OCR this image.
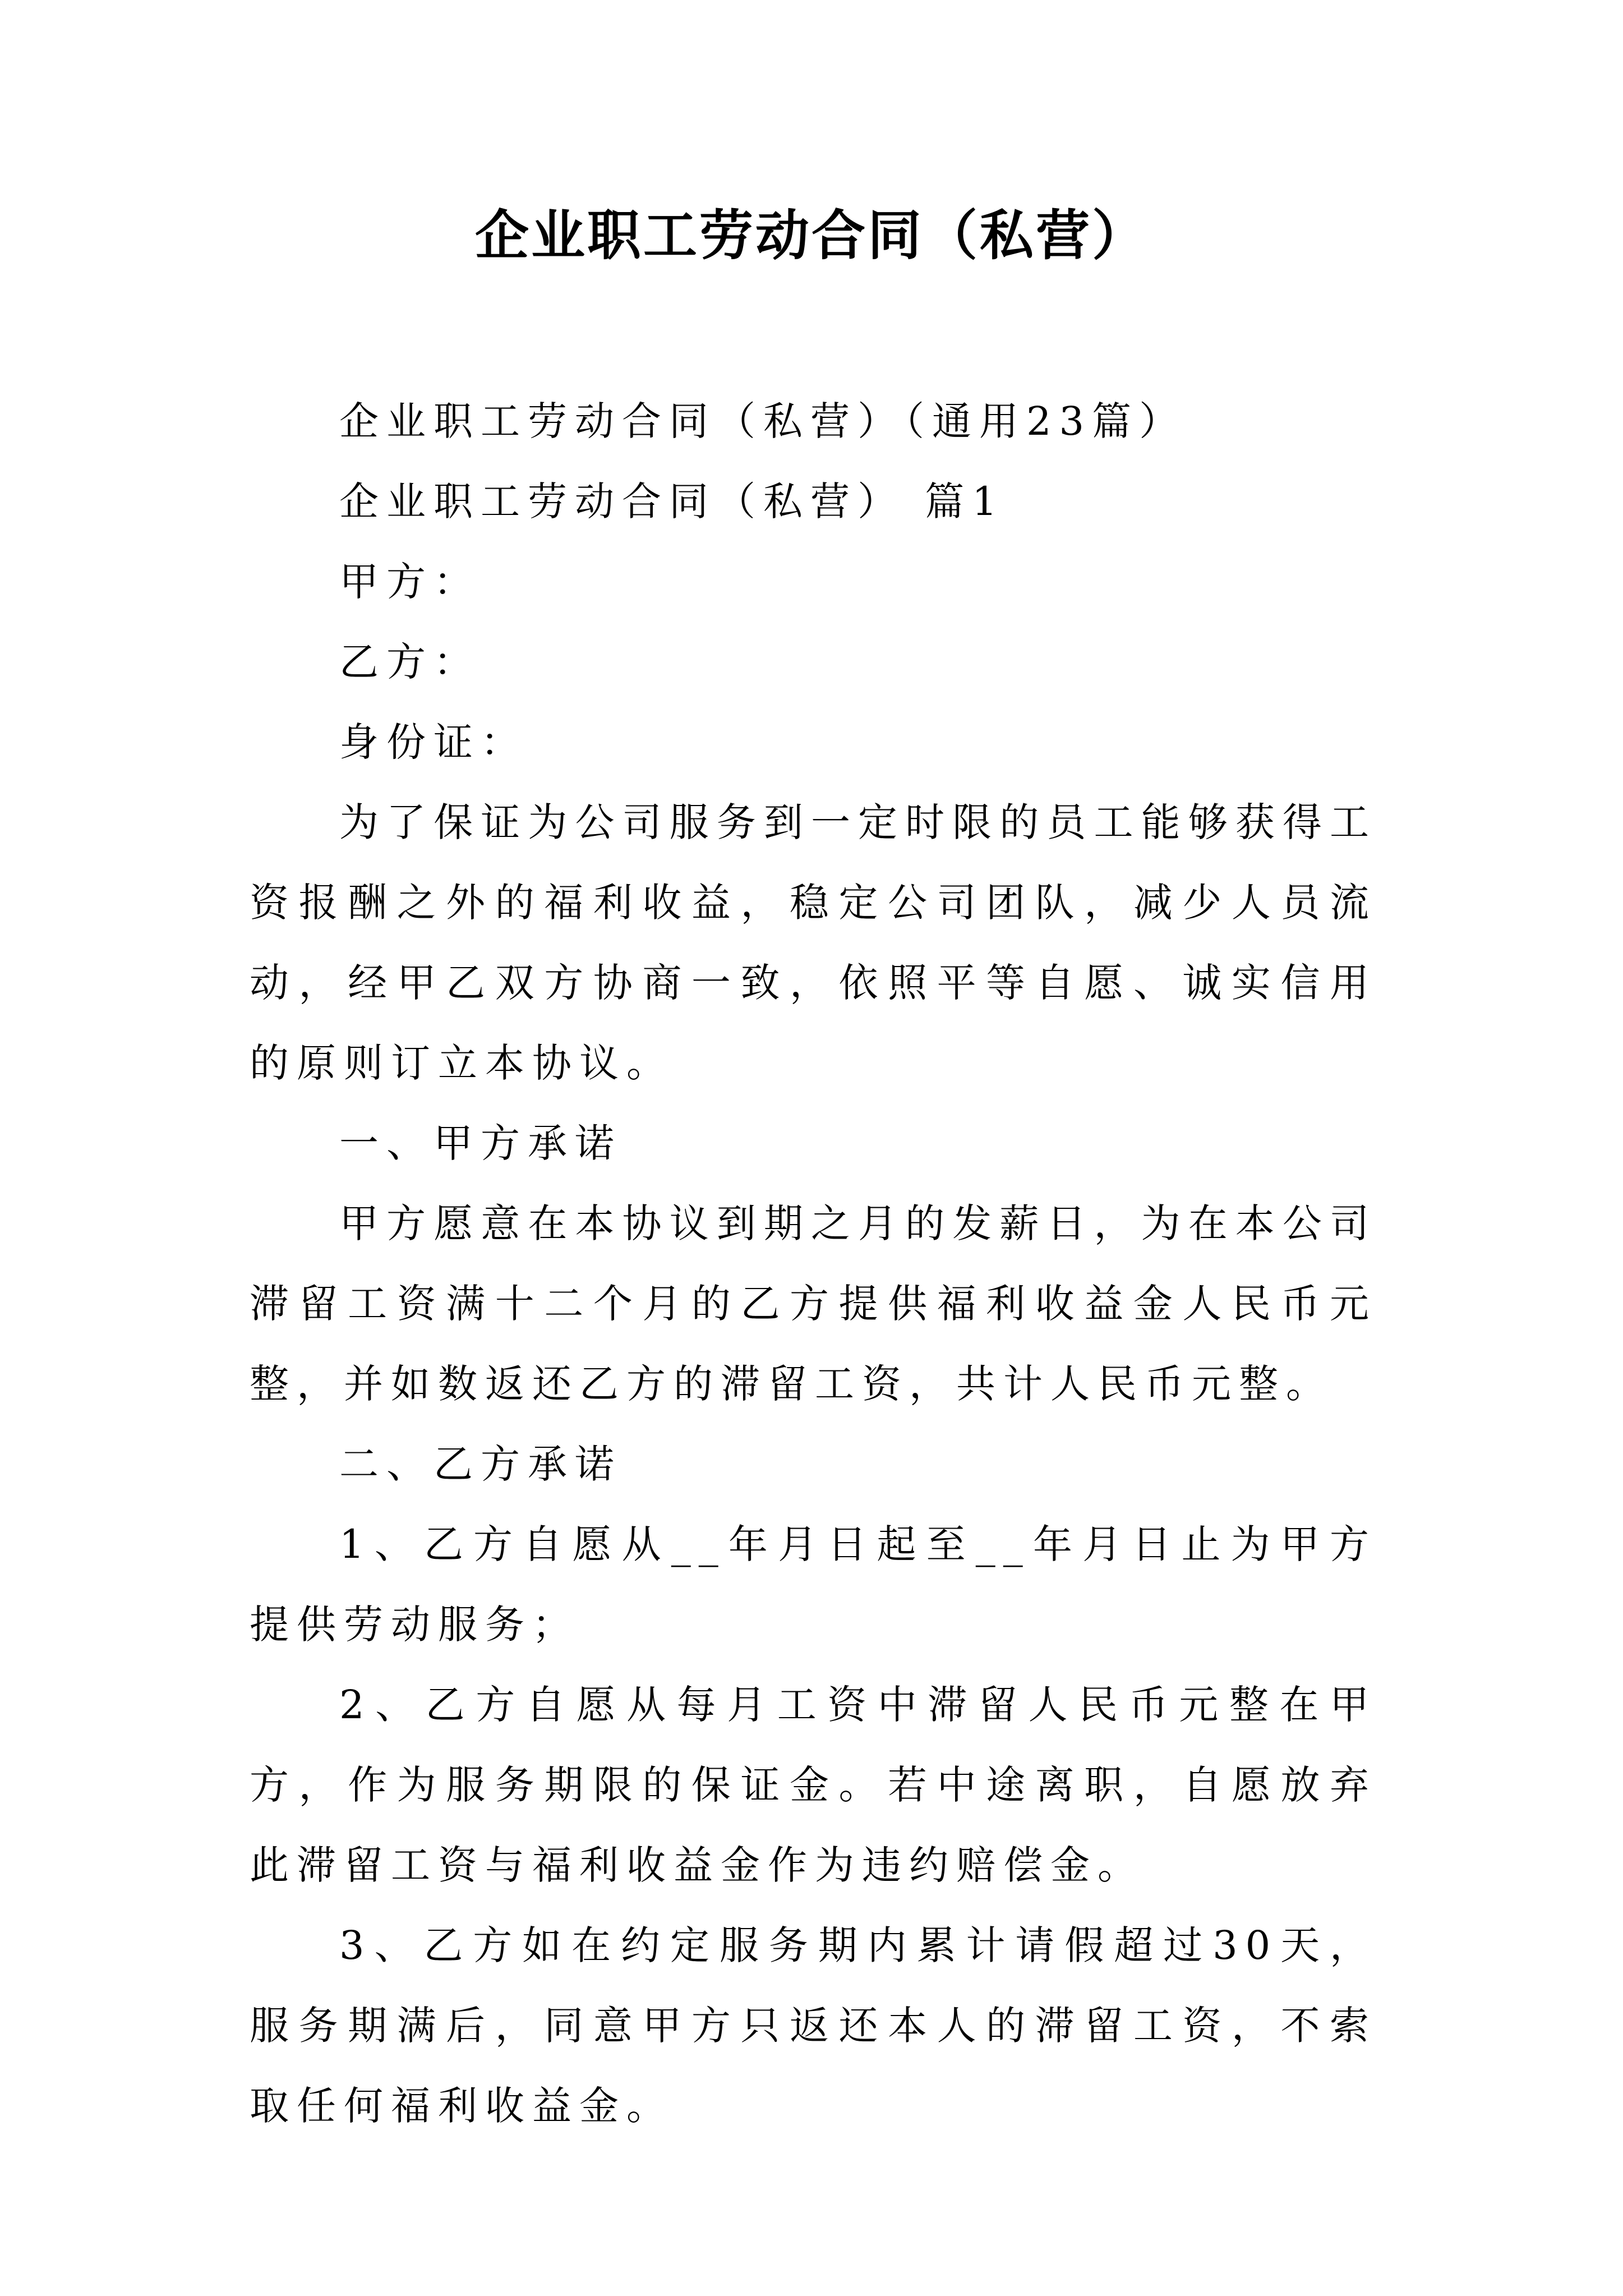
企业职工劳动合同（私营）

企业职工劳动合同（私营）（通用23篇）

企业职工劳动合同（私营） 篇1

甲方：

乙方：

身份证：

为了保证为公司服务到一定时限的员工能够获得工资报酬之外的福利收益，稳定公司团队，减少人员流动，经甲乙双方协商一致，依照平等自愿、诚实信用的原则订立本协议。

一、甲方承诺

甲方愿意在本协议到期之月的发薪日，为在本公司滞留工资满十二个月的乙方提供福利收益金人民币元整，并如数返还乙方的滞留工资，共计人民币元整。

二、乙方承诺

1、乙方自愿从__年月日起至__年月日止为甲方提供劳动服务；

2、乙方自愿从每月工资中滞留人民币元整在甲方，作为服务期限的保证金。若中途离职，自愿放弃此滞留工资与福利收益金作为违约赔偿金。

3、乙方如在约定服务期内累计请假超过30天，服务期满后，同意甲方只返还本人的滞留工资，不索取任何福利收益金。
